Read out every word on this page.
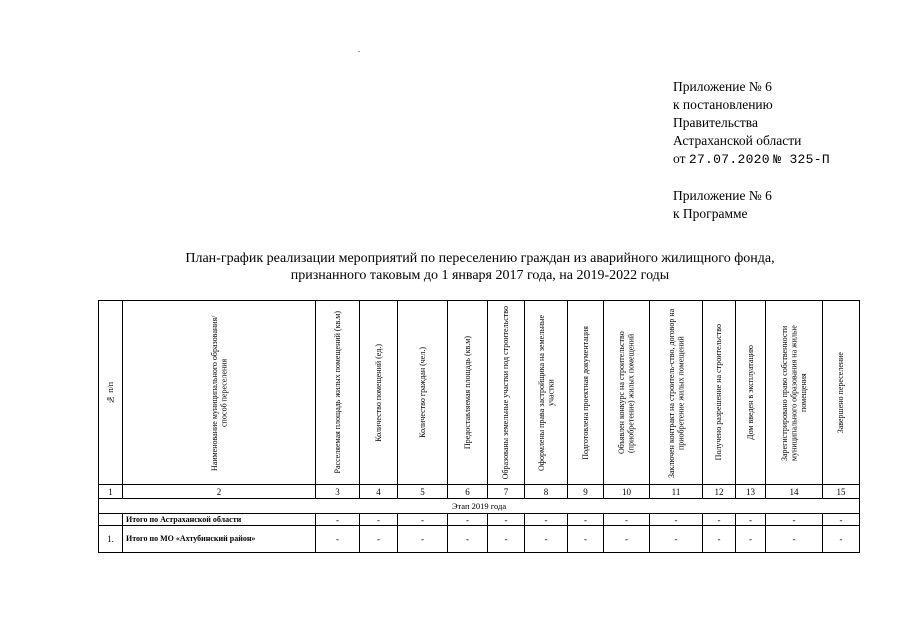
Приложение № 6
к постановлению
Правительства
Астраханской области
от 27.07.2020 № 325-П
Приложение № 6
к Программе
План-график реализации мероприятий по переселению граждан из аварийного жилищного фонда,
признанного таковым до 1 января 2017 года, на 2019-2022 годы
№ п/п	Наименование муниципального образования/ способ переселения	Расселяемая площадь жилых помещений (кв.м)	Количество помещений (ед.)	Количество граждан (чел.)	Предоставляемая площадь (кв.м)	Образованы земельные участки под строительство	Оформлены права застройщика на земельные участки	Подготовлена проектная документация	Объявлен конкурс на строительство (приобретение) жилых помещений	Заключен контракт на строитель-ство, договор на приобретение жилых помещений	Получено разрешение на строительство	Дом введен в эксплуатацию	Зарегистрировано право собственности муниципального образования на жилые помещения	Завершено переселение

1	2	3	4	5	6	7	8	9	10	11	12	13	14	15
Этап 2019 года														
	Итого по Астраханской области	-	-	-	-	-	-	-	-	-	-	-	-	-
1.	Итого по МО «Ахтубинский район»	-	-	-	-	-	-	-	-	-	-	-	-	-
